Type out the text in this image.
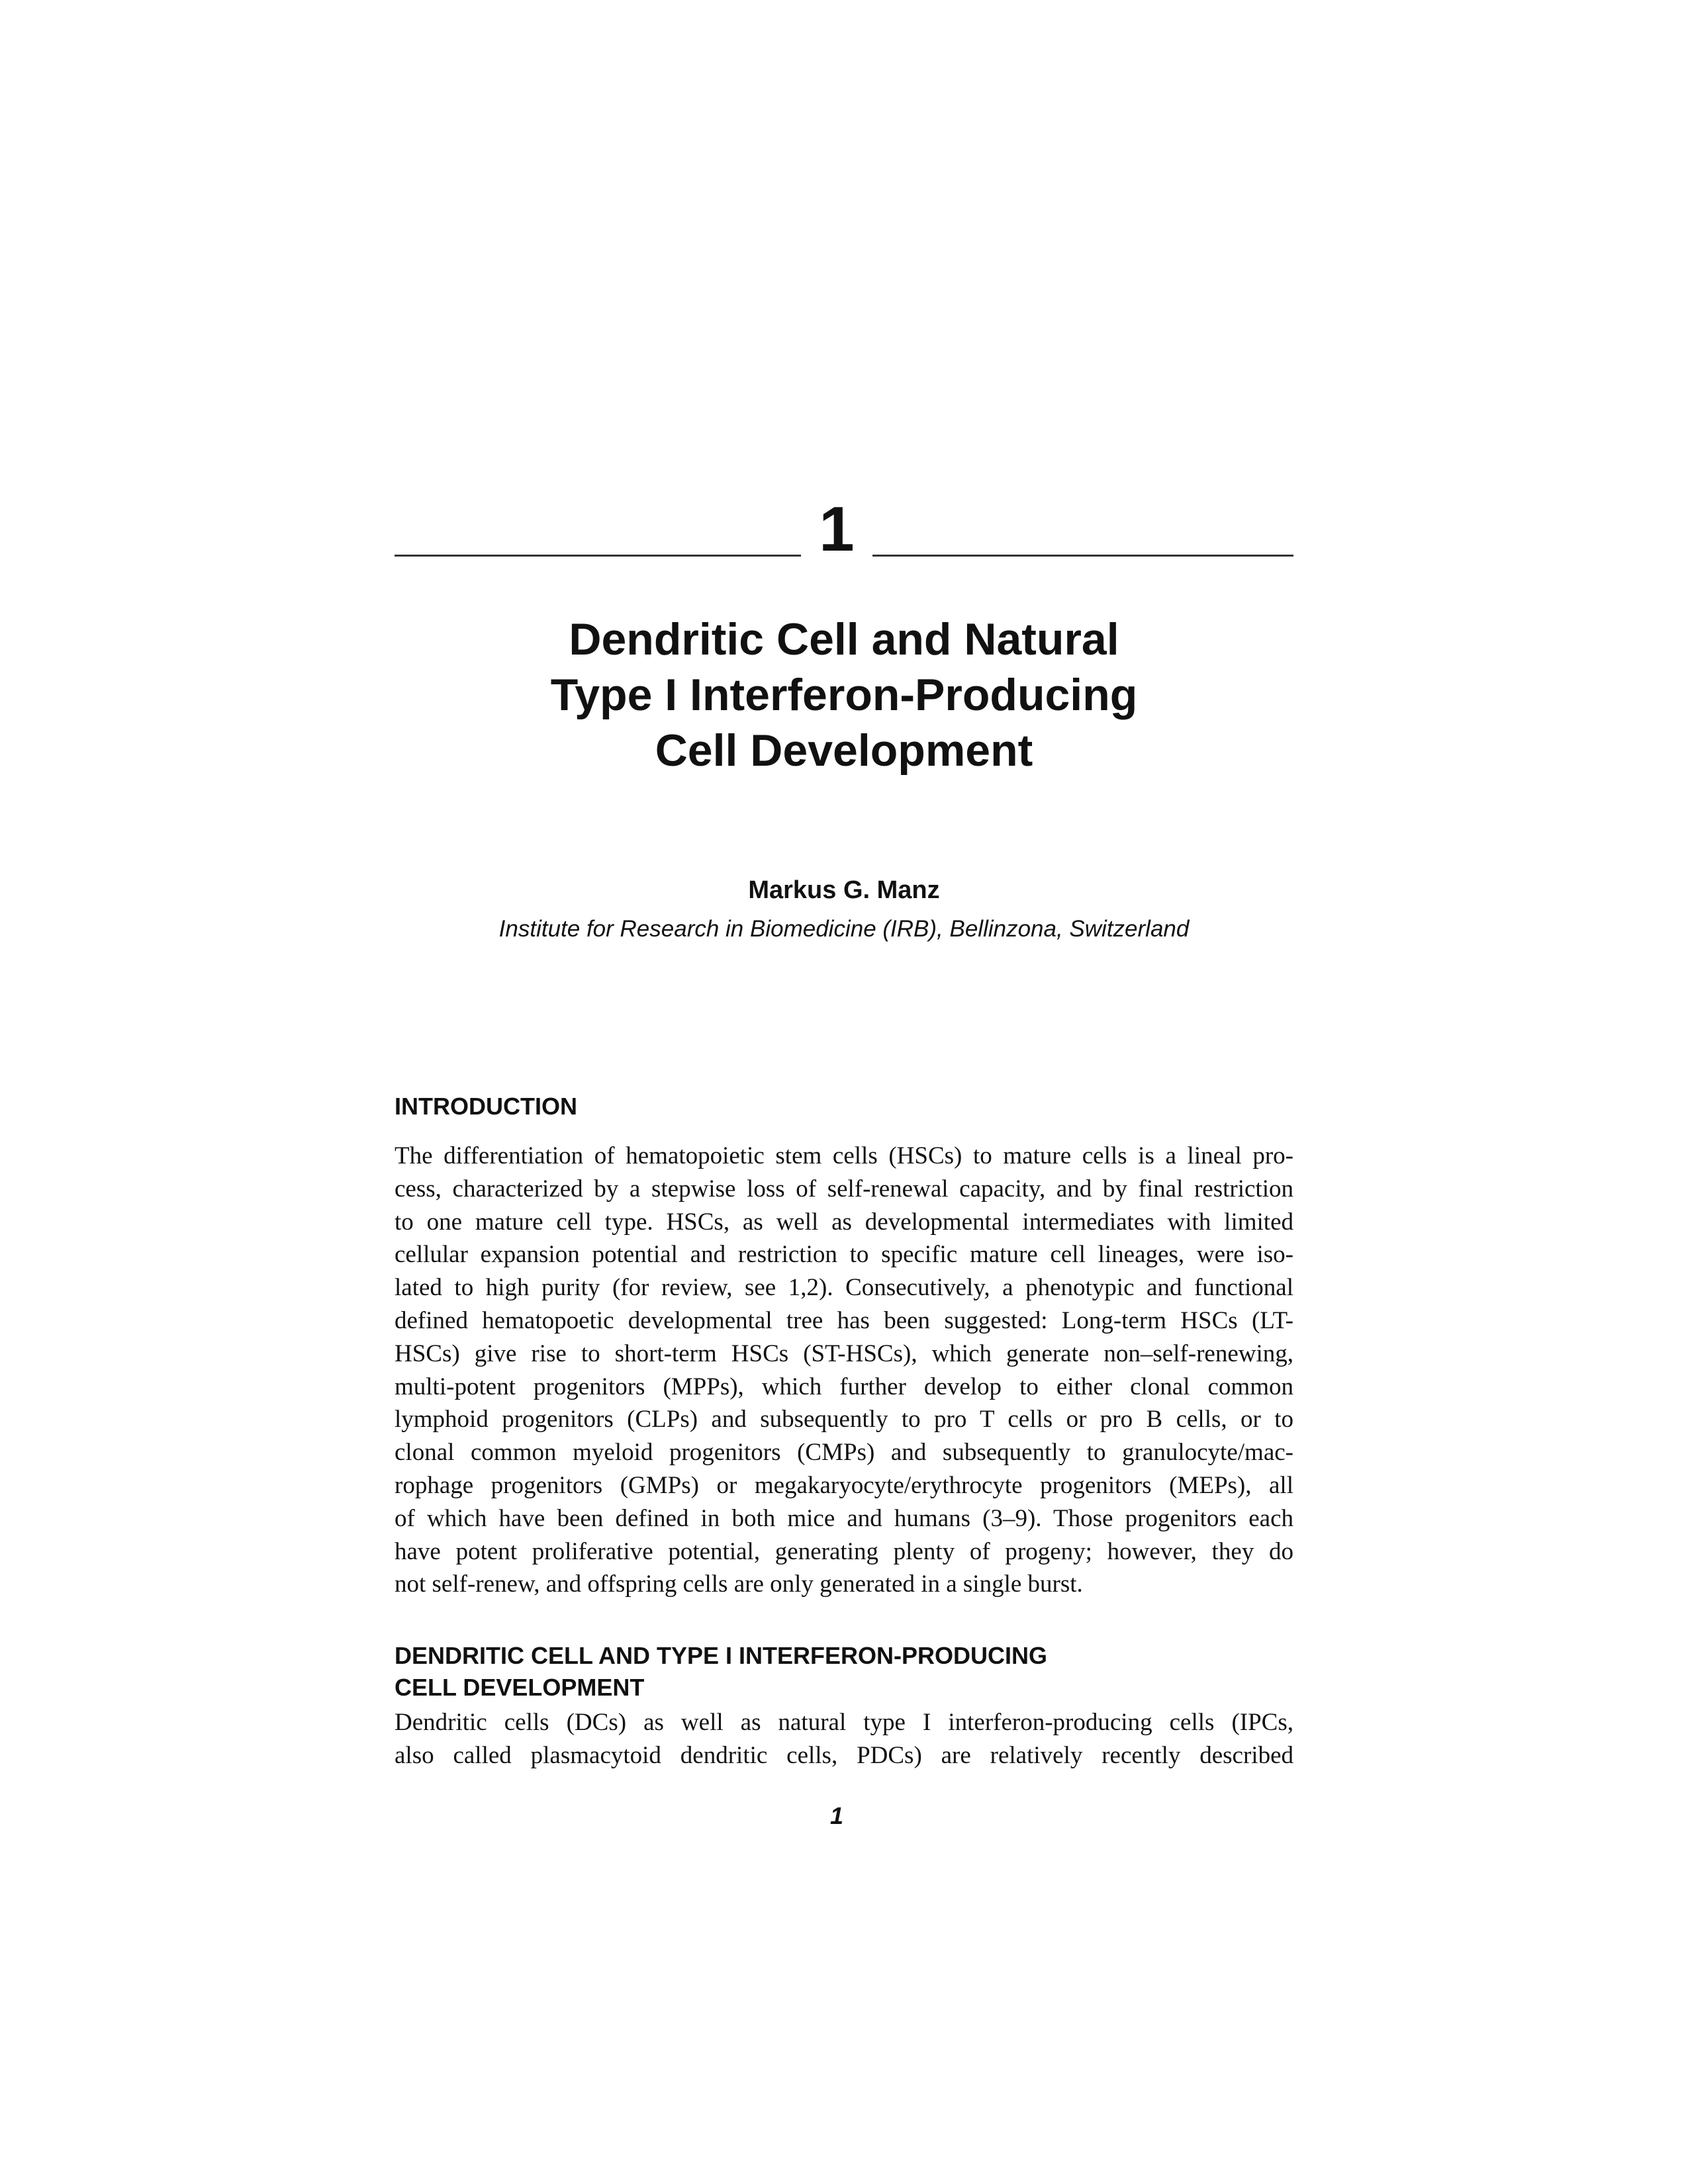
1
Dendritic Cell and Natural
Type I Interferon-Producing
Cell Development
Markus G. Manz
Institute for Research in Biomedicine (IRB), Bellinzona, Switzerland
INTRODUCTION
The differentiation of hematopoietic stem cells (HSCs) to mature cells is a lineal pro-
cess, characterized by a stepwise loss of self-renewal capacity, and by final restriction
to one mature cell type. HSCs, as well as developmental intermediates with limited
cellular expansion potential and restriction to specific mature cell lineages, were iso-
lated to high purity (for review, see 1,2). Consecutively, a phenotypic and functional
defined hematopoetic developmental tree has been suggested: Long-term HSCs (LT-
HSCs) give rise to short-term HSCs (ST-HSCs), which generate non–self-renewing,
multi-potent progenitors (MPPs), which further develop to either clonal common
lymphoid progenitors (CLPs) and subsequently to pro T cells or pro B cells, or to
clonal common myeloid progenitors (CMPs) and subsequently to granulocyte/mac-
rophage progenitors (GMPs) or megakaryocyte/erythrocyte progenitors (MEPs), all
of which have been defined in both mice and humans (3–9). Those progenitors each
have potent proliferative potential, generating plenty of progeny; however, they do
not self-renew, and offspring cells are only generated in a single burst.
DENDRITIC CELL AND TYPE I INTERFERON-PRODUCING
CELL DEVELOPMENT
Dendritic cells (DCs) as well as natural type I interferon-producing cells (IPCs,
also called plasmacytoid dendritic cells, PDCs) are relatively recently described
1
